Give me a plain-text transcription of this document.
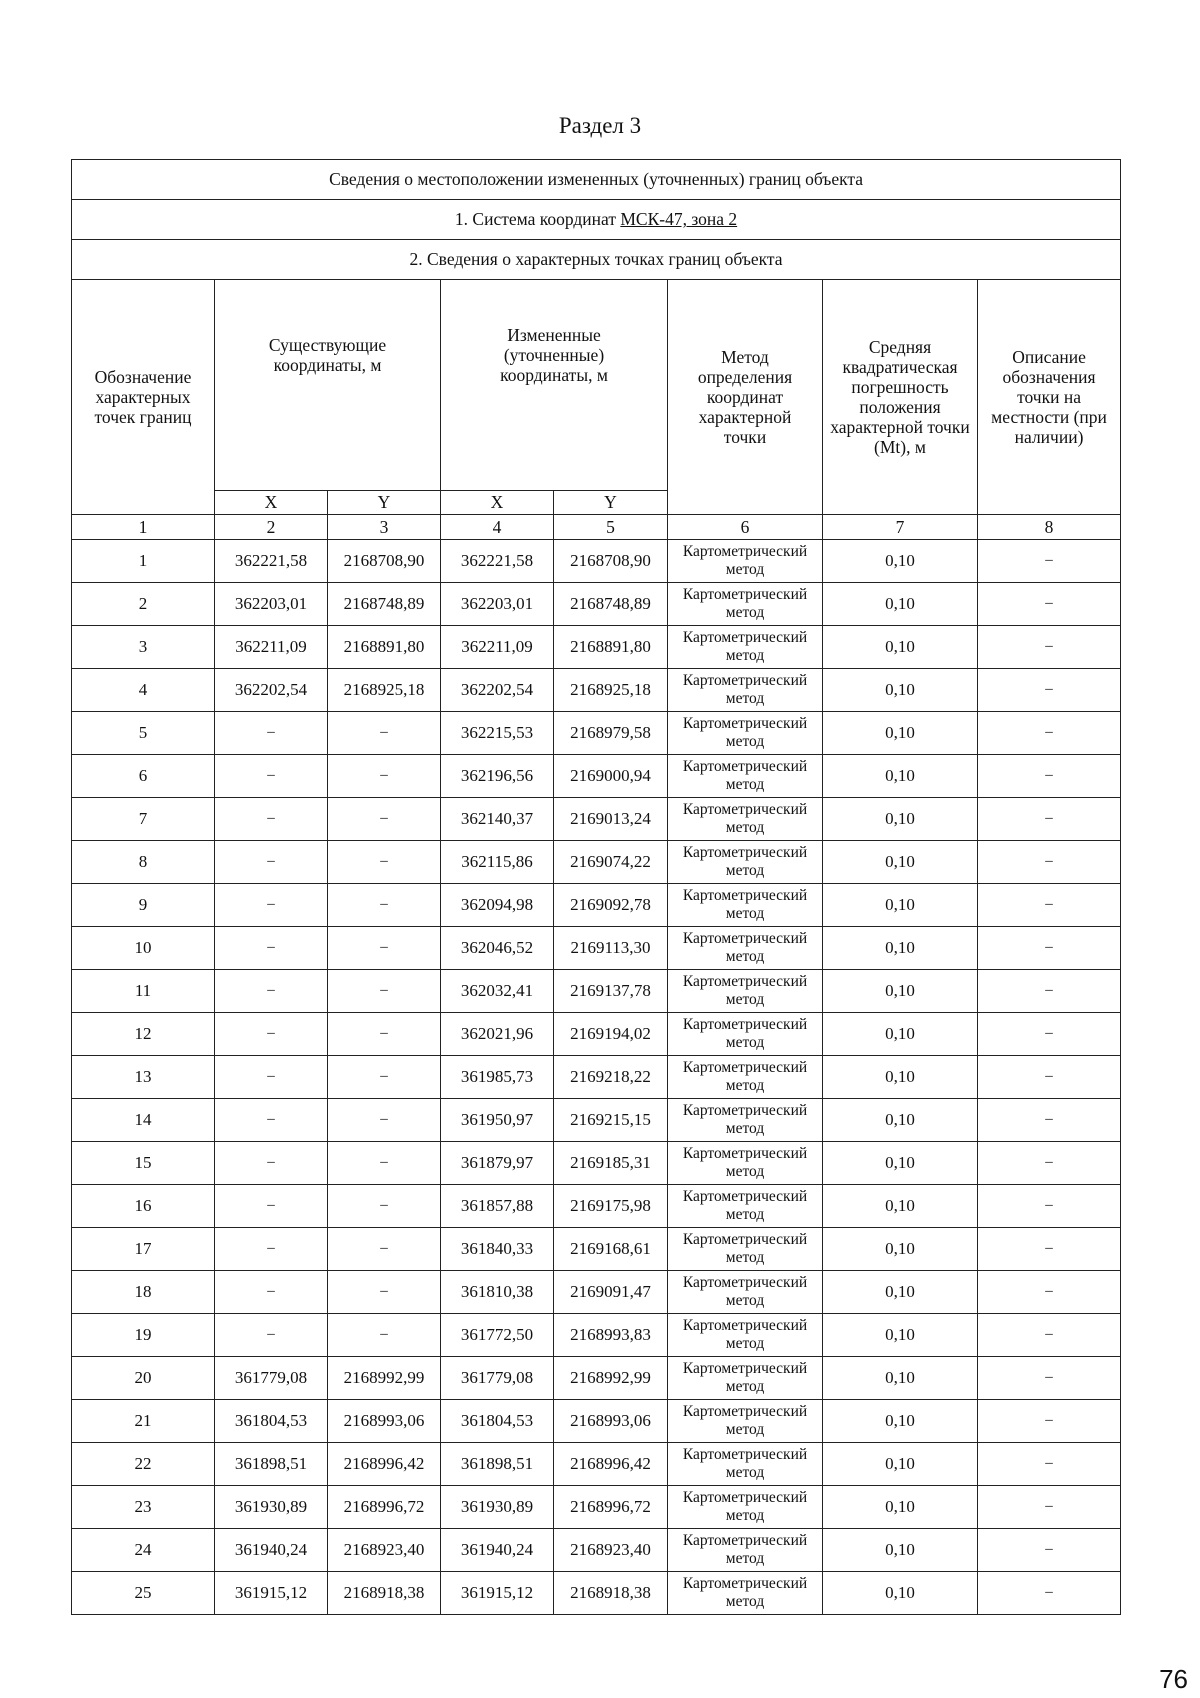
Раздел 3
Сведения о местоположении измененных (уточненных) границ объекта							
1. Система координат МСК-47, зона 2							
2. Сведения о характерных точках границ объекта							
Обозначение характерных точек границ	Существующие координаты, м		Измененные (уточненные) координаты, м		Метод определения координат характерной точки	Средняя квадратическая погрешность положения характерной точки (Mt), м	Описание обозначения точки на местности (при наличии)
	X	Y	X	Y			
1	2	3	4	5	6	7	8
1	362221,58	2168708,90	362221,58	2168708,90	Картометрический метод	0,10	–
2	362203,01	2168748,89	362203,01	2168748,89	Картометрический метод	0,10	–
3	362211,09	2168891,80	362211,09	2168891,80	Картометрический метод	0,10	–
4	362202,54	2168925,18	362202,54	2168925,18	Картометрический метод	0,10	–
5	–	–	362215,53	2168979,58	Картометрический метод	0,10	–
6	–	–	362196,56	2169000,94	Картометрический метод	0,10	–
7	–	–	362140,37	2169013,24	Картометрический метод	0,10	–
8	–	–	362115,86	2169074,22	Картометрический метод	0,10	–
9	–	–	362094,98	2169092,78	Картометрический метод	0,10	–
10	–	–	362046,52	2169113,30	Картометрический метод	0,10	–
11	–	–	362032,41	2169137,78	Картометрический метод	0,10	–
12	–	–	362021,96	2169194,02	Картометрический метод	0,10	–
13	–	–	361985,73	2169218,22	Картометрический метод	0,10	–
14	–	–	361950,97	2169215,15	Картометрический метод	0,10	–
15	–	–	361879,97	2169185,31	Картометрический метод	0,10	–
16	–	–	361857,88	2169175,98	Картометрический метод	0,10	–
17	–	–	361840,33	2169168,61	Картометрический метод	0,10	–
18	–	–	361810,38	2169091,47	Картометрический метод	0,10	–
19	–	–	361772,50	2168993,83	Картометрический метод	0,10	–
20	361779,08	2168992,99	361779,08	2168992,99	Картометрический метод	0,10	–
21	361804,53	2168993,06	361804,53	2168993,06	Картометрический метод	0,10	–
22	361898,51	2168996,42	361898,51	2168996,42	Картометрический метод	0,10	–
23	361930,89	2168996,72	361930,89	2168996,72	Картометрический метод	0,10	–
24	361940,24	2168923,40	361940,24	2168923,40	Картометрический метод	0,10	–
25	361915,12	2168918,38	361915,12	2168918,38	Картометрический метод	0,10	–
76
